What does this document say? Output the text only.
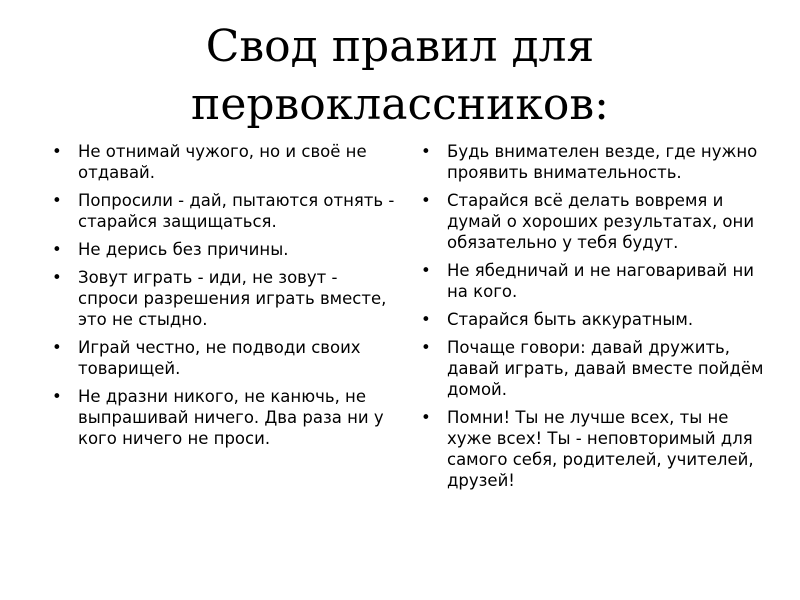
Свод правил для
первоклассников:
• Не отнимай чужого, но и своё не отдавай.
• Попросили - дай, пытаются отнять - старайся защищаться.
• Не дерись без причины.
• Зовут играть - иди, не зовут - спроси разрешения играть вместе, это не стыдно.
• Играй честно, не подводи своих товарищей.
• Не дразни никого, не канючь, не выпрашивай ничего. Два раза ни у кого ничего не проси.
• Будь внимателен везде, где нужно проявить внимательность.
• Старайся всё делать вовремя и думай о хороших результатах, они обязательно у тебя будут.
• Не ябедничай и не наговаривай ни на кого.
• Старайся быть аккуратным.
• Почаще говори: давай дружить, давай играть, давай вместе пойдём домой.
• Помни! Ты не лучше всех, ты не хуже всех! Ты - неповторимый для самого себя, родителей, учителей, друзей!
